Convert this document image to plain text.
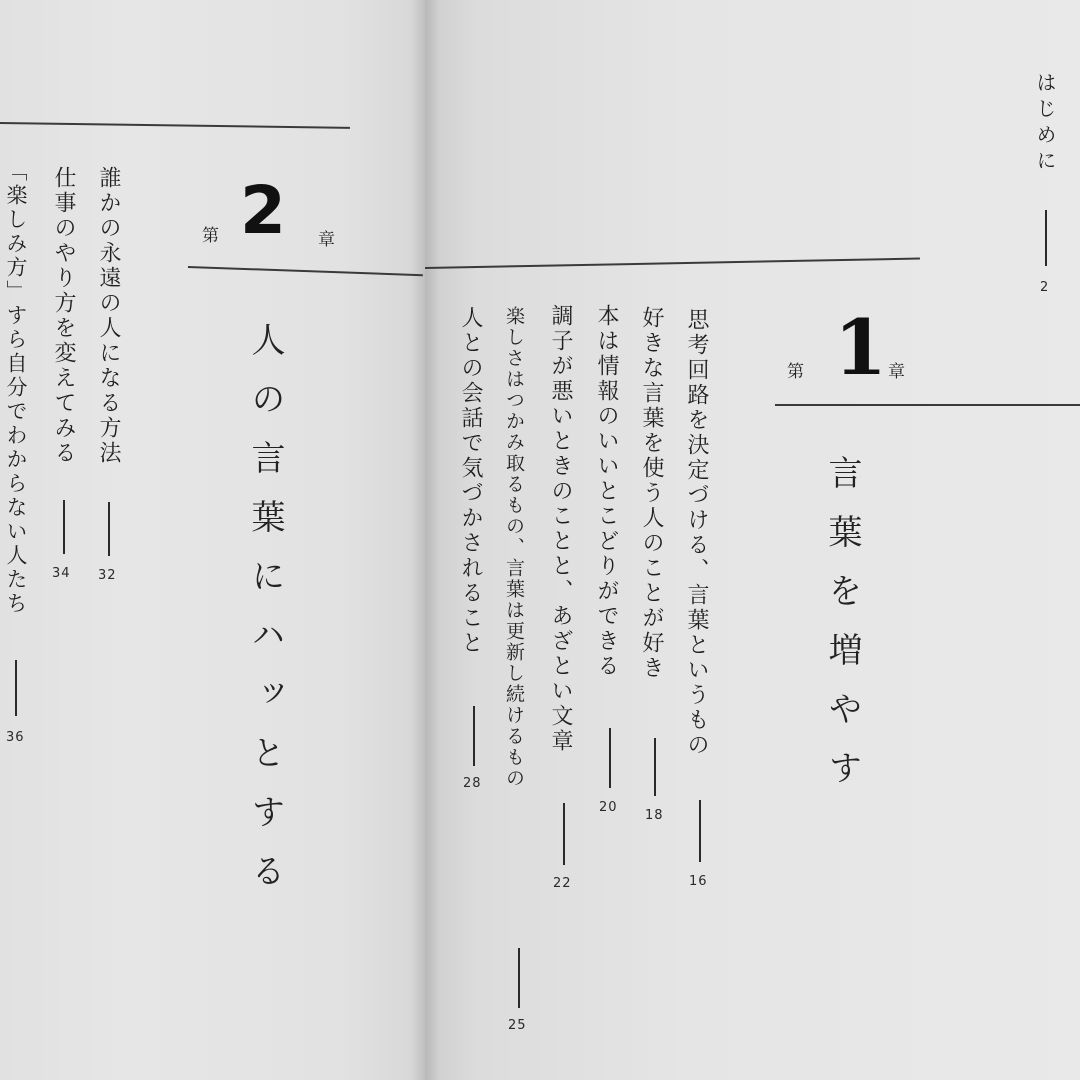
はじめに
2
第 1 章
言葉を増やす
思考回路を決定づける、言葉というもの
16
好きな言葉を使う人のことが好き
18
本は情報のいいとこどりができる
20
調子が悪いときのことと、あざとい文章
22
楽しさはつかみ取るもの、言葉は更新し続けるもの
25
人との会話で気づかされること
28
第 2 章
人の言葉にハッとする
誰かの永遠の人になる方法
32
仕事のやり方を変えてみる
34
「楽しみ方」すら自分でわからない人たち
36
